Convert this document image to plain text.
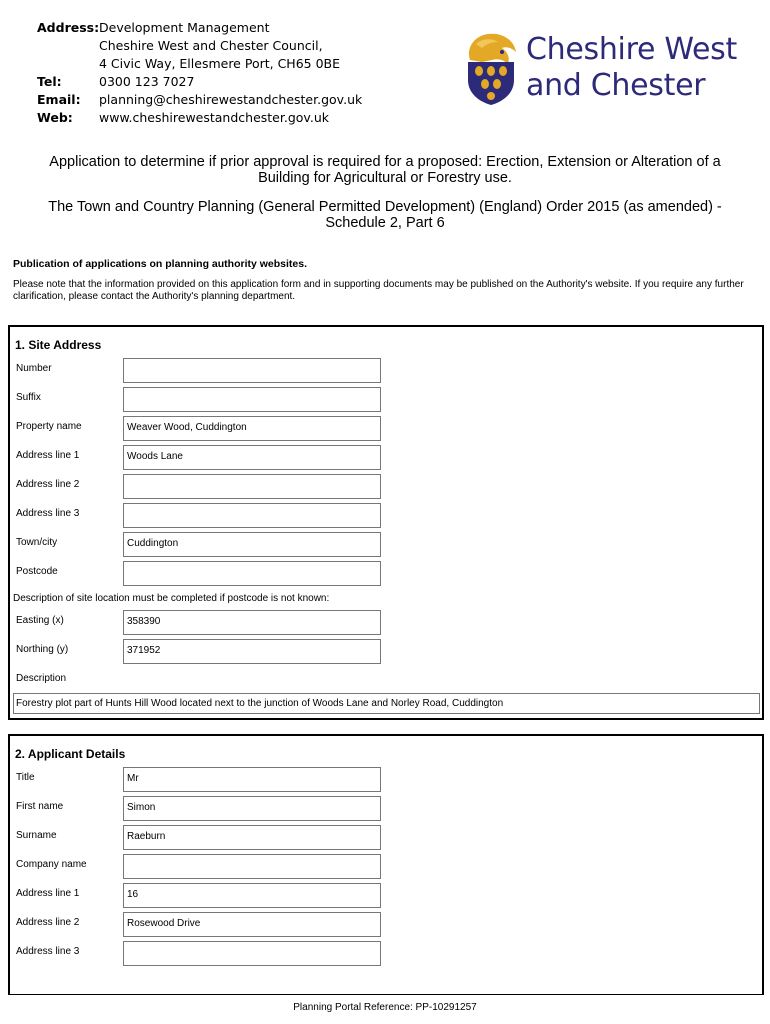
Address: Development Management
Cheshire West and Chester Council,
4 Civic Way, Ellesmere Port, CH65 0BE
Tel:	0300 123 7027
Email:	planning@cheshirewestandchester.gov.uk
Web:	www.cheshirewestandchester.gov.uk
Cheshire West
and Chester
Application to determine if prior approval is required for a proposed: Erection, Extension or Alteration of a
Building for Agricultural or Forestry use.
The Town and Country Planning (General Permitted Development) (England) Order 2015 (as amended) -
Schedule 2, Part 6
Publication of applications on planning authority websites.
Please note that the information provided on this application form and in supporting documents may be published on the Authority's website. If you require any further clarification, please contact the Authority's planning department.
1. Site Address
Number
Suffix
Property name	Weaver Wood, Cuddington
Address line 1	Woods Lane
Address line 2
Address line 3
Town/city	Cuddington
Postcode
Description of site location must be completed if postcode is not known:
Easting (x)	358390
Northing (y)	371952
Description
Forestry plot part of Hunts Hill Wood located next to the junction of Woods Lane and Norley Road, Cuddington
2. Applicant Details
Title	Mr
First name	Simon
Surname	Raeburn
Company name
Address line 1	16
Address line 2	Rosewood Drive
Address line 3
Planning Portal Reference: PP-10291257
